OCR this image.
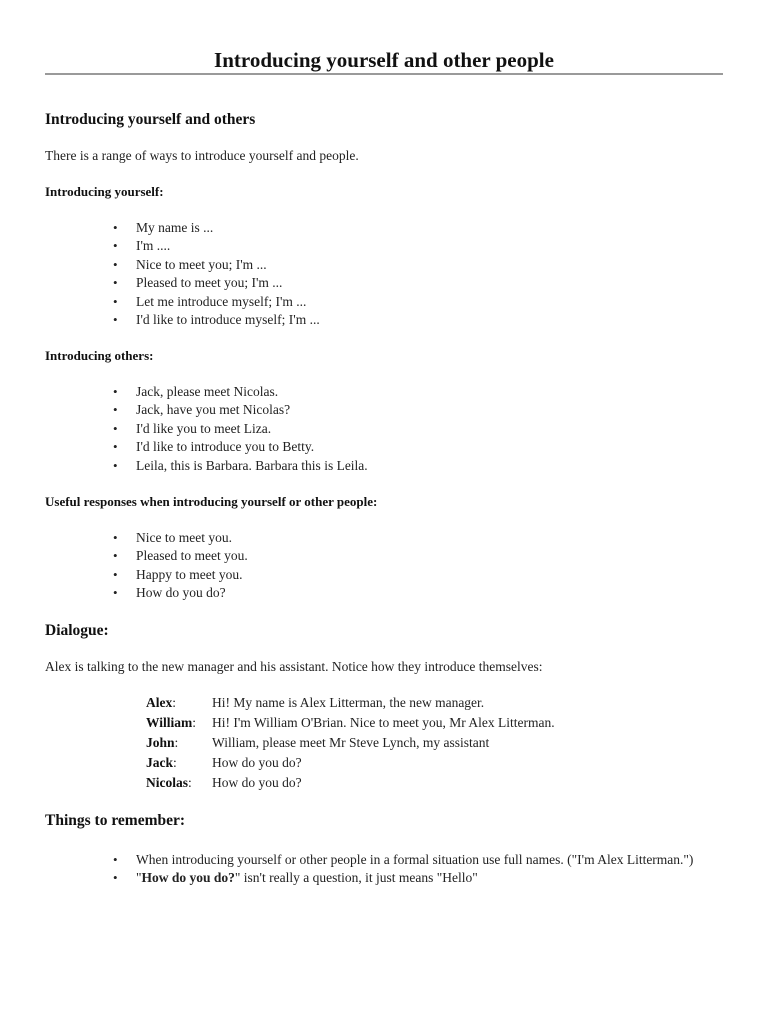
Introducing yourself and other people
Introducing yourself and others
There is a range of ways to introduce yourself and people.
Introducing yourself:
• My name is ...
• I'm ....
• Nice to meet you; I'm ...
• Pleased to meet you; I'm ...
• Let me introduce myself; I'm ...
• I'd like to introduce myself; I'm ...
Introducing others:
• Jack, please meet Nicolas.
• Jack, have you met Nicolas?
• I'd like you to meet Liza.
• I'd like to introduce you to Betty.
• Leila, this is Barbara. Barbara this is Leila.
Useful responses when introducing yourself or other people:
• Nice to meet you.
• Pleased to meet you.
• Happy to meet you.
• How do you do?
Dialogue:
Alex is talking to the new manager and his assistant. Notice how they introduce themselves:
Alex:	Hi! My name is Alex Litterman, the new manager.
William:	Hi! I'm William O'Brian. Nice to meet you, Mr Alex Litterman.
John:	William, please meet Mr Steve Lynch, my assistant
Jack:	How do you do?
Nicolas:	How do you do?
Things to remember:
• When introducing yourself or other people in a formal situation use full names. ("I'm Alex Litterman.")
• "How do you do?" isn't really a question, it just means "Hello"
